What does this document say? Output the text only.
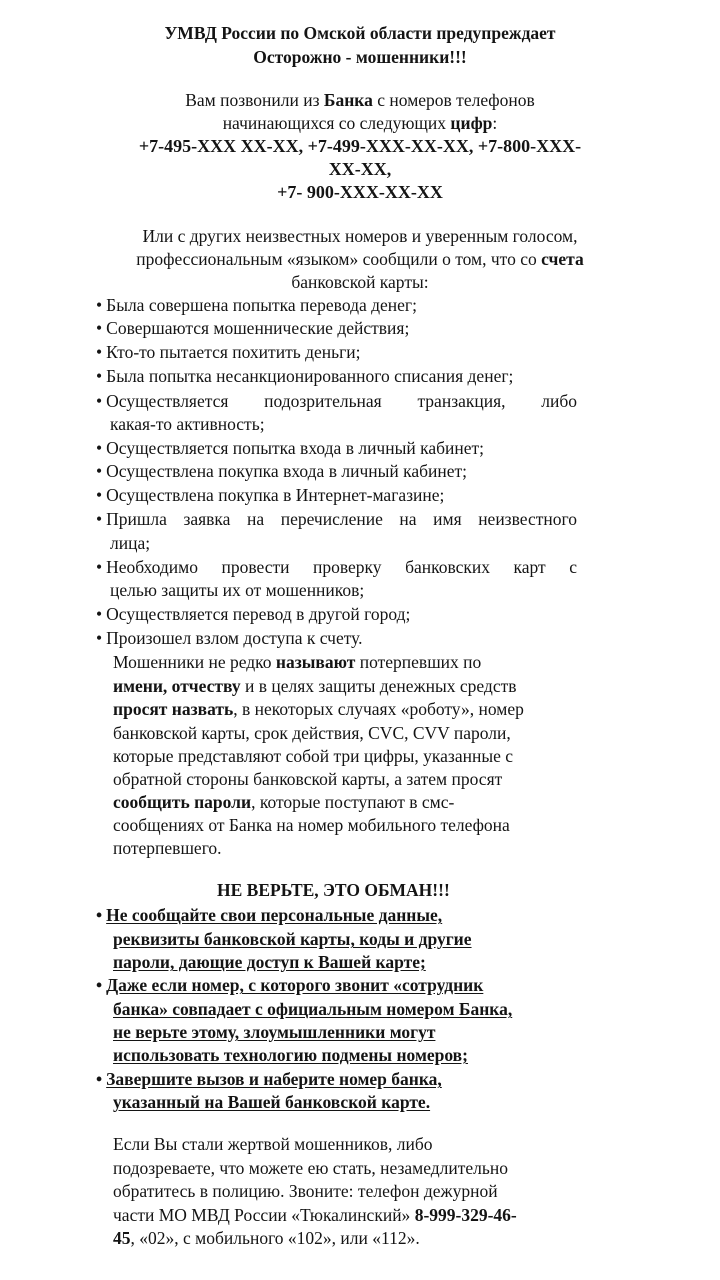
УМВД России по Омской области предупреждает
Осторожно - мошенники!!!
Вам позвонили из Банка с номеров телефонов
начинающихся со следующих цифр:
+7-495-XXX XX-XX, +7-499-XXX-XX-XX, +7-800-XXX-
XX-XX,
+7- 900-XXX-XX-XX
Или с других неизвестных номеров и уверенным голосом,
профессиональным «языком» сообщили о том, что со счета
банковской карты:
• Была совершена попытка перевода денег;
• Совершаются мошеннические действия;
• Кто-то пытается похитить деньги;
• Была попытка несанкционированного списания денег;
• Осуществляется подозрительная транзакция, либо
какая-то активность;
• Осуществляется попытка входа в личный кабинет;
• Осуществлена покупка входа в личный кабинет;
• Осуществлена покупка в Интернет-магазине;
• Пришла заявка на перечисление на имя неизвестного
лица;
• Необходимо провести проверку банковских карт с
целью защиты их от мошенников;
• Осуществляется перевод в другой город;
• Произошел взлом доступа к счету.
Мошенники не редко называют потерпевших по
имени, отчеству и в целях защиты денежных средств
просят назвать, в некоторых случаях «роботу», номер
банковской карты, срок действия, CVC, CVV пароли,
которые представляют собой три цифры, указанные с
обратной стороны банковской карты, а затем просят
сообщить пароли, которые поступают в смс-
сообщениях от Банка на номер мобильного телефона
потерпевшего.
НЕ ВЕРЬТЕ, ЭТО ОБМАН!!!
• Не сообщайте свои персональные данные,
реквизиты банковской карты, коды и другие
пароли, дающие доступ к Вашей карте;
• Даже если номер, с которого звонит «сотрудник
банка» совпадает с официальным номером Банка,
не верьте этому, злоумышленники могут
использовать технологию подмены номеров;
• Завершите вызов и наберите номер банка,
указанный на Вашей банковской карте.
Если Вы стали жертвой мошенников, либо
подозреваете, что можете ею стать, незамедлительно
обратитесь в полицию. Звоните: телефон дежурной
части МО МВД России «Тюкалинский» 8-999-329-46-
45, «02», с мобильного «102», или «112».
